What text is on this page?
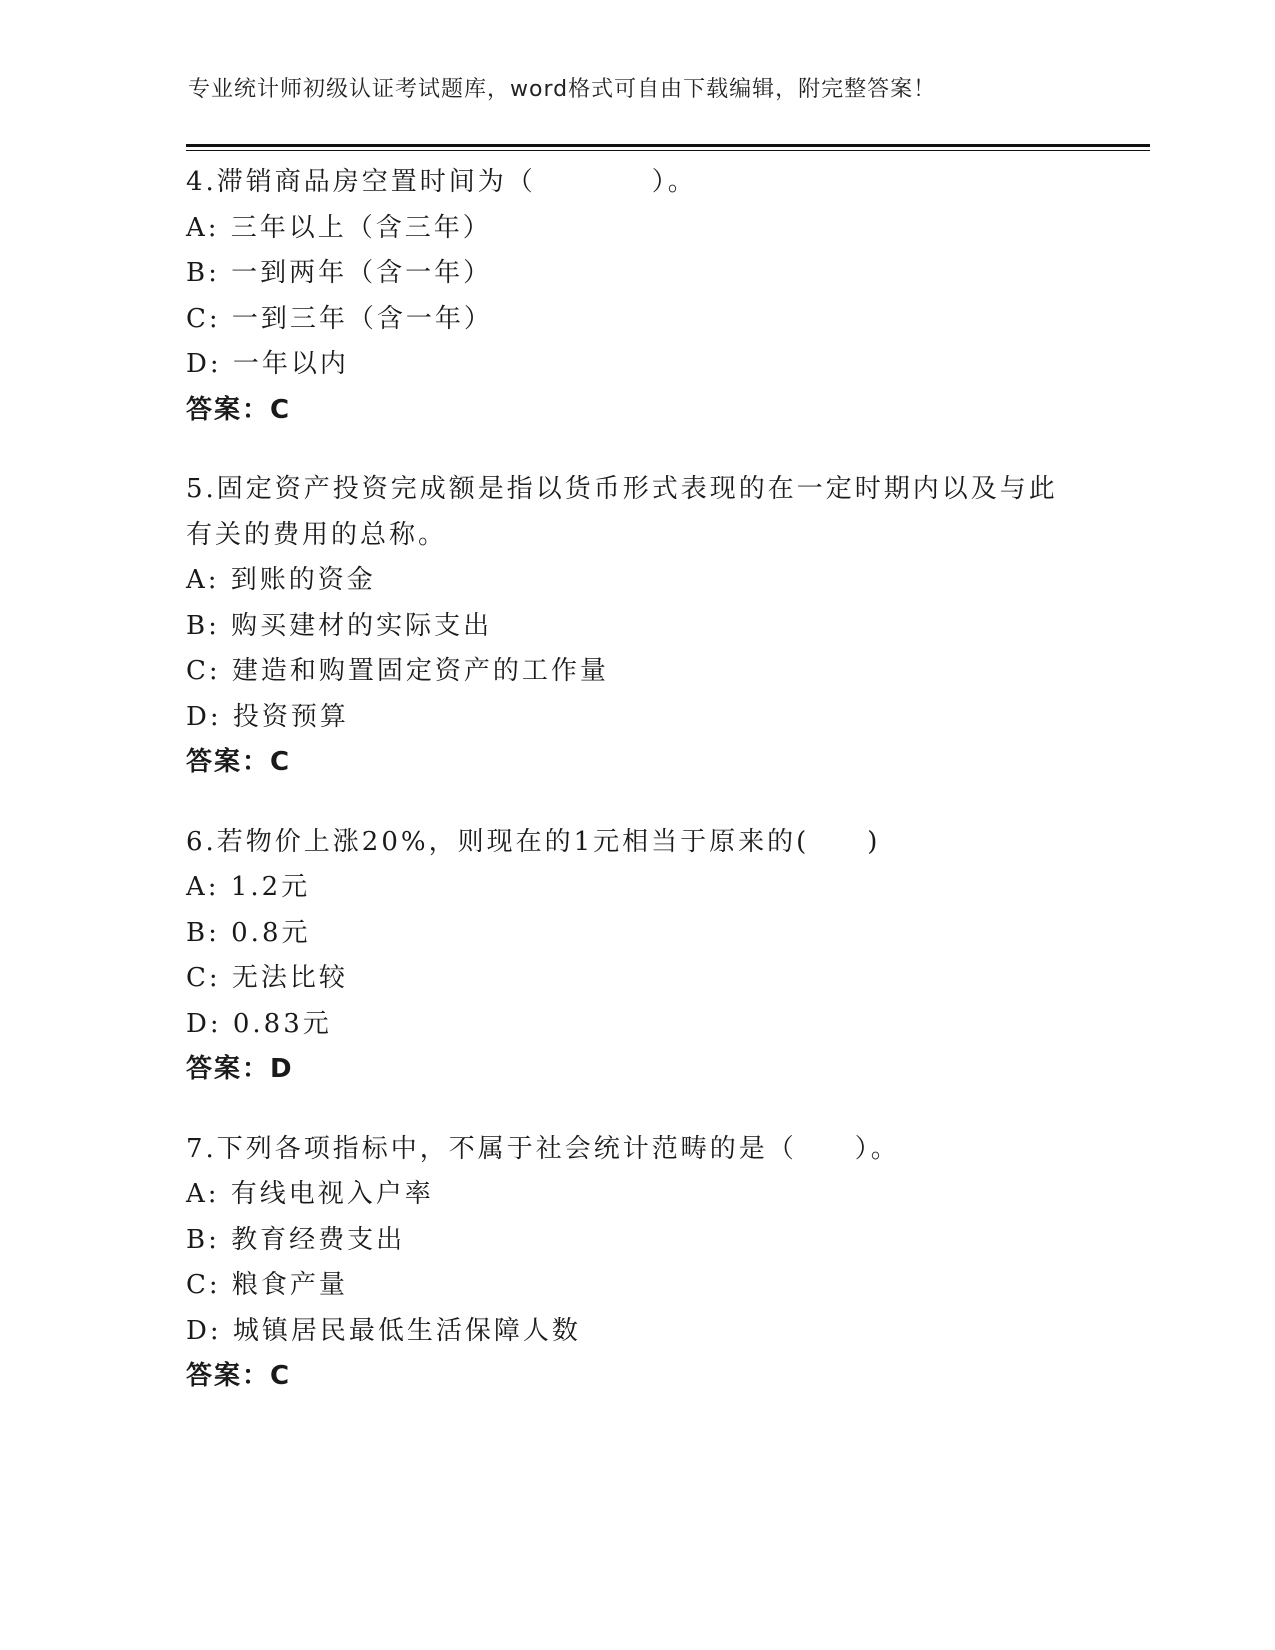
专业统计师初级认证考试题库，word格式可自由下载编辑，附完整答案！
4.滞销商品房空置时间为（　　　　）。
A: 三年以上（含三年）
B: 一到两年（含一年）
C: 一到三年（含一年）
D: 一年以内
答案：C
5.固定资产投资完成额是指以货币形式表现的在一定时期内以及与此
有关的费用的总称。
A: 到账的资金
B: 购买建材的实际支出
C: 建造和购置固定资产的工作量
D: 投资预算
答案：C
6.若物价上涨20%，则现在的1元相当于原来的(　　)
A: 1.2元
B: 0.8元
C: 无法比较
D: 0.83元
答案：D
7.下列各项指标中，不属于社会统计范畴的是（　　）。
A: 有线电视入户率
B: 教育经费支出
C: 粮食产量
D: 城镇居民最低生活保障人数
答案：C
